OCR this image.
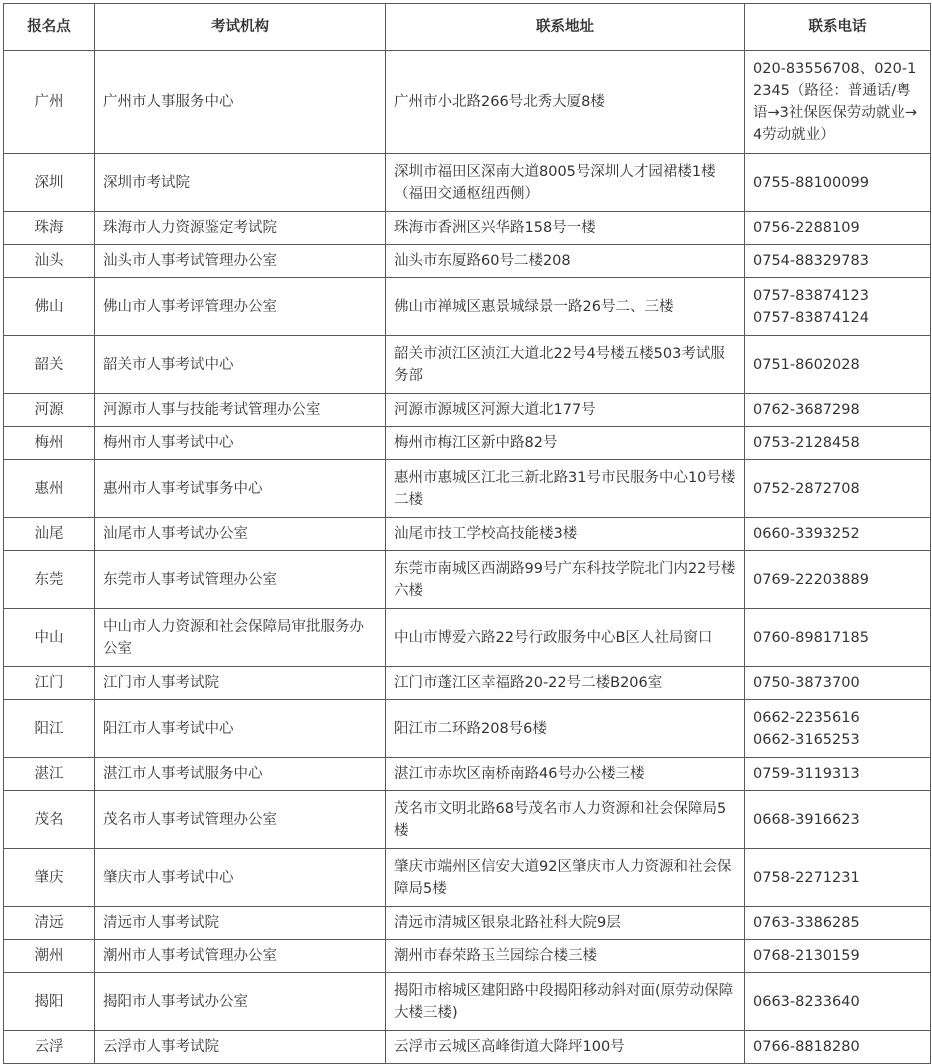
报名点	考试机构	联系地址	联系电话
广州	广州市人事服务中心	广州市小北路266号北秀大厦8楼	020-83556708、020-12345（路径：普通话/粤语→3社保医保劳动就业→4劳动就业）

深圳	深圳市考试院	深圳市福田区深南大道8005号深圳人才园裙楼1楼（福田交通枢纽西侧）	0755-88100099

珠海	珠海市人力资源鉴定考试院	珠海市香洲区兴华路158号一楼	0756-2288109

汕头	汕头市人事考试管理办公室	汕头市东厦路60号二楼208	0754-88329783

佛山	佛山市人事考评管理办公室	佛山市禅城区惠景城绿景一路26号二、三楼	0757-83874123
0757-83874124

韶关	韶关市人事考试中心	韶关市浈江区浈江大道北22号4号楼五楼503考试服务部	0751-8602028

河源	河源市人事与技能考试管理办公室	河源市源城区河源大道北177号	0762-3687298

梅州	梅州市人事考试中心	梅州市梅江区新中路82号	0753-2128458

惠州	惠州市人事考试事务中心	惠州市惠城区江北三新北路31号市民服务中心10号楼二楼	0752-2872708

汕尾	汕尾市人事考试办公室	汕尾市技工学校高技能楼3楼	0660-3393252

东莞	东莞市人事考试管理办公室	东莞市南城区西湖路99号广东科技学院北门内22号楼六楼	0769-22203889

中山	中山市人力资源和社会保障局审批服务办公室	中山市博爱六路22号行政服务中心B区人社局窗口	0760-89817185

江门	江门市人事考试院	江门市蓬江区幸福路20-22号二楼B206室	0750-3873700

阳江	阳江市人事考试中心	阳江市二环路208号6楼	0662-2235616
0662-3165253

湛江	湛江市人事考试服务中心	湛江市赤坎区南桥南路46号办公楼三楼	0759-3119313

茂名	茂名市人事考试管理办公室	茂名市文明北路68号茂名市人力资源和社会保障局5楼	0668-3916623

肇庆	肇庆市人事考试中心	肇庆市端州区信安大道92区肇庆市人力资源和社会保障局5楼	0758-2271231

清远	清远市人事考试院	清远市清城区银泉北路社科大院9层	0763-3386285

潮州	潮州市人事考试管理办公室	潮州市春荣路玉兰园综合楼三楼	0768-2130159

揭阳	揭阳市人事考试办公室	揭阳市榕城区建阳路中段揭阳移动斜对面(原劳动保障大楼三楼)	0663-8233640

云浮	云浮市人事考试院	云浮市云城区高峰街道大降坪100号	0766-8818280
